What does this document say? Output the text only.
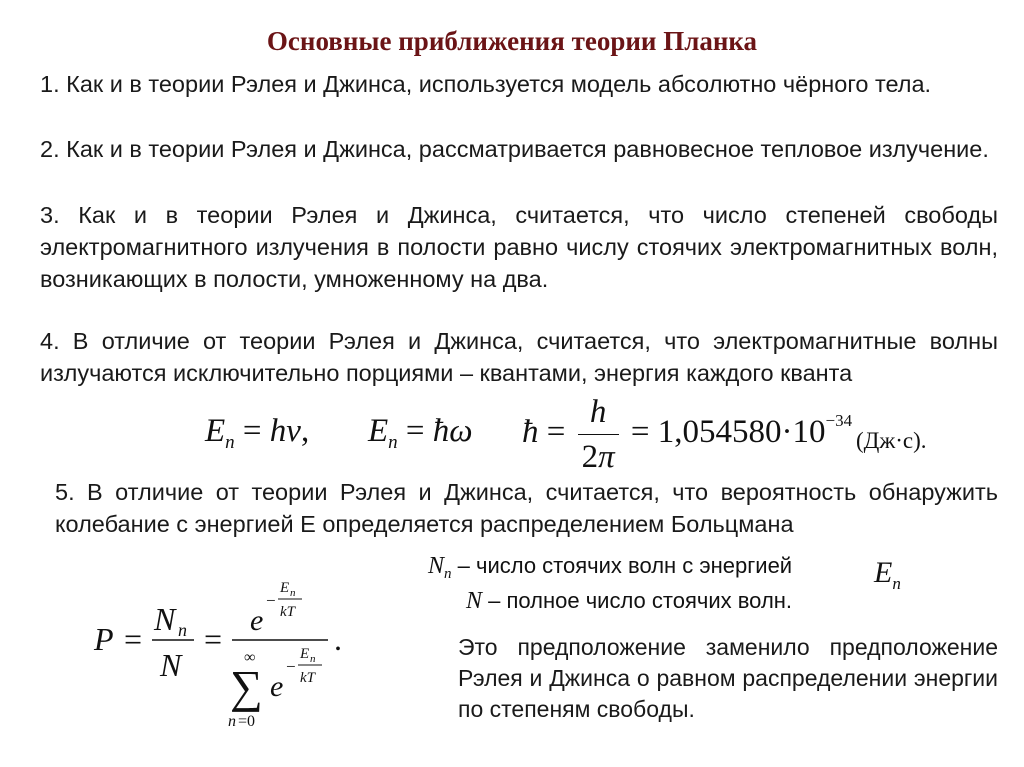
Основные приближения теории Планка

1. Как и в теории Рэлея и Джинса, используется модель абсолютно чёрного тела.

2. Как и в теории Рэлея и Джинса, рассматривается равновесное тепловое излучение.

3. Как и в теории Рэлея и Джинса, считается, что число степеней свободы электромагнитного излучения в полости равно числу стоячих электромагнитных волн, возникающих в полости, умноженному на два.

4. В отличие от теории Рэлея и Джинса, считается, что электромагнитные волны излучаются исключительно порциями – квантами, энергия каждого кванта

$E_n = h\nu$, $E_n$ = ħω ħ = $\frac{h}{2\pi} = 1,054580\cdot 10^{-34}$
(Дж·с).

5. В отличие от теории Рэлея и Джинса, считается, что вероятность обнаружить колебание с энергией Е определяется распределением Больцмана

P =
N n
N
=
e
−
E n
kT
∞
∑
n =0
e
−
E n
kT
.
$N_n$ – число стоячих волн с энергией	$E_n$
N – полное число стоячих волн.

Это предположение заменило предположение Рэлея и Джинса о равном распределении энергии по степеням свободы.
